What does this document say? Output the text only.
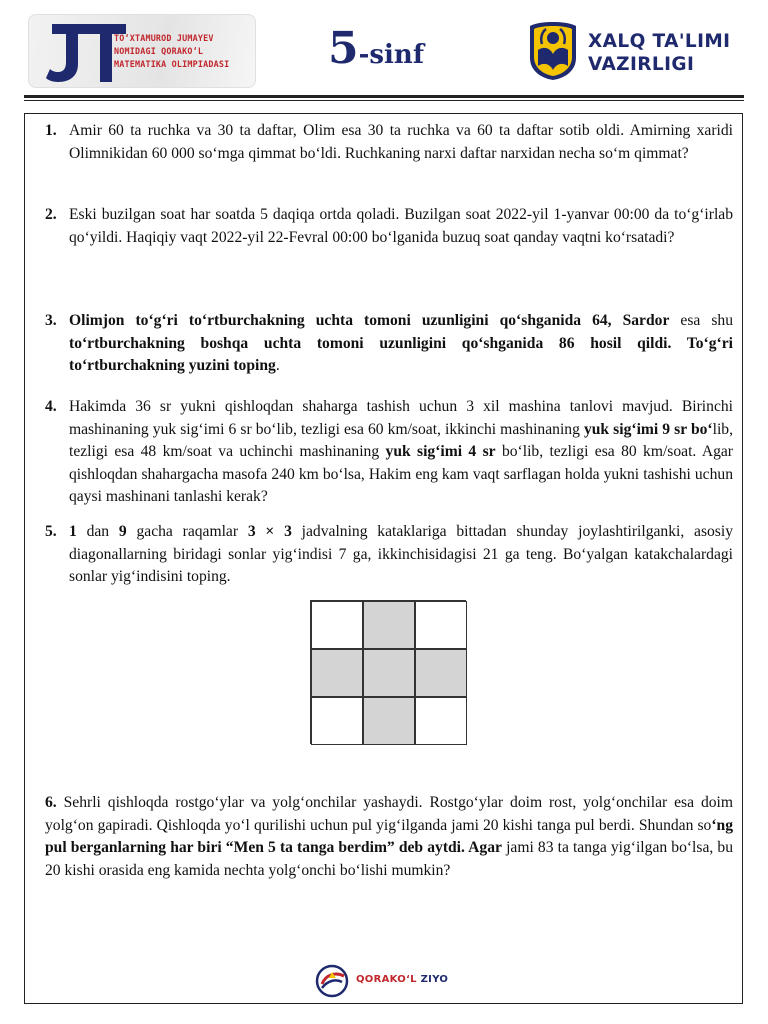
TO‘XTAMUROD JUMAYEV
NOMIDAGI QORAKO‘L
MATEMATIKA OLIMPIADASI 5-sinf	XALQ TA'LIMI
VAZIRLIGI
1. Amir 60 ta ruchka va 30 ta daftar, Olim esa 30 ta ruchka va 60 ta daftar sotib oldi. Amirning xaridi Olimnikidan 60 000 so‘mga qimmat bo‘ldi. Ruchkaning narxi daftar narxidan necha so‘m qimmat?
2. Eski buzilgan soat har soatda 5 daqiqa ortda qoladi. Buzilgan soat 2022-yil 1-yanvar 00:00 da to‘g‘irlab qo‘yildi. Haqiqiy vaqt 2022-yil 22-Fevral 00:00 bo‘lganida buzuq soat qanday vaqtni ko‘rsatadi?
3. Olimjon to‘g‘ri to‘rtburchakning uchta tomoni uzunligini qo‘shganida 64, Sardor esa shu to‘rtburchakning boshqa uchta tomoni uzunligini qo‘shganida 86 hosil qildi. To‘g‘ri to‘rtburchakning yuzini toping.
4. Hakimda 36 sr yukni qishloqdan shaharga tashish uchun 3 xil mashina tanlovi mavjud. Birinchi mashinaning yuk sig‘imi 6 sr bo‘lib, tezligi esa 60 km/soat, ikkinchi mashinaning yuk sig‘imi 9 sr bo‘lib, tezligi esa 48 km/soat va uchinchi mashinaning yuk sig‘imi 4 sr bo‘lib, tezligi esa 80 km/soat. Agar qishloqdan shahargacha masofa 240 km bo‘lsa, Hakim eng kam vaqt sarflagan holda yukni tashishi uchun qaysi mashinani tanlashi kerak?
5. 1 dan 9 gacha raqamlar 3 × 3 jadvalning kataklariga bittadan shunday joylashtirilganki, asosiy diagonallarning biridagi sonlar yig‘indisi 7 ga, ikkinchisidagisi 21 ga teng. Bo‘yalgan katakchalardagi sonlar yig‘indisini toping.
6. Sehrli qishloqda rostgo‘ylar va yolg‘onchilar yashaydi. Rostgo‘ylar doim rost, yolg‘onchilar esa doim yolg‘on gapiradi. Qishloqda yo‘l qurilishi uchun pul yig‘ilganda jami 20 kishi tanga pul berdi. Shundan so‘ng pul berganlarning har biri “Men 5 ta tanga berdim” deb aytdi. Agar jami 83 ta tanga yig‘ilgan bo‘lsa, bu 20 kishi orasida eng kamida nechta yolg‘onchi bo‘lishi mumkin?
QORAKO‘L ZIYO
